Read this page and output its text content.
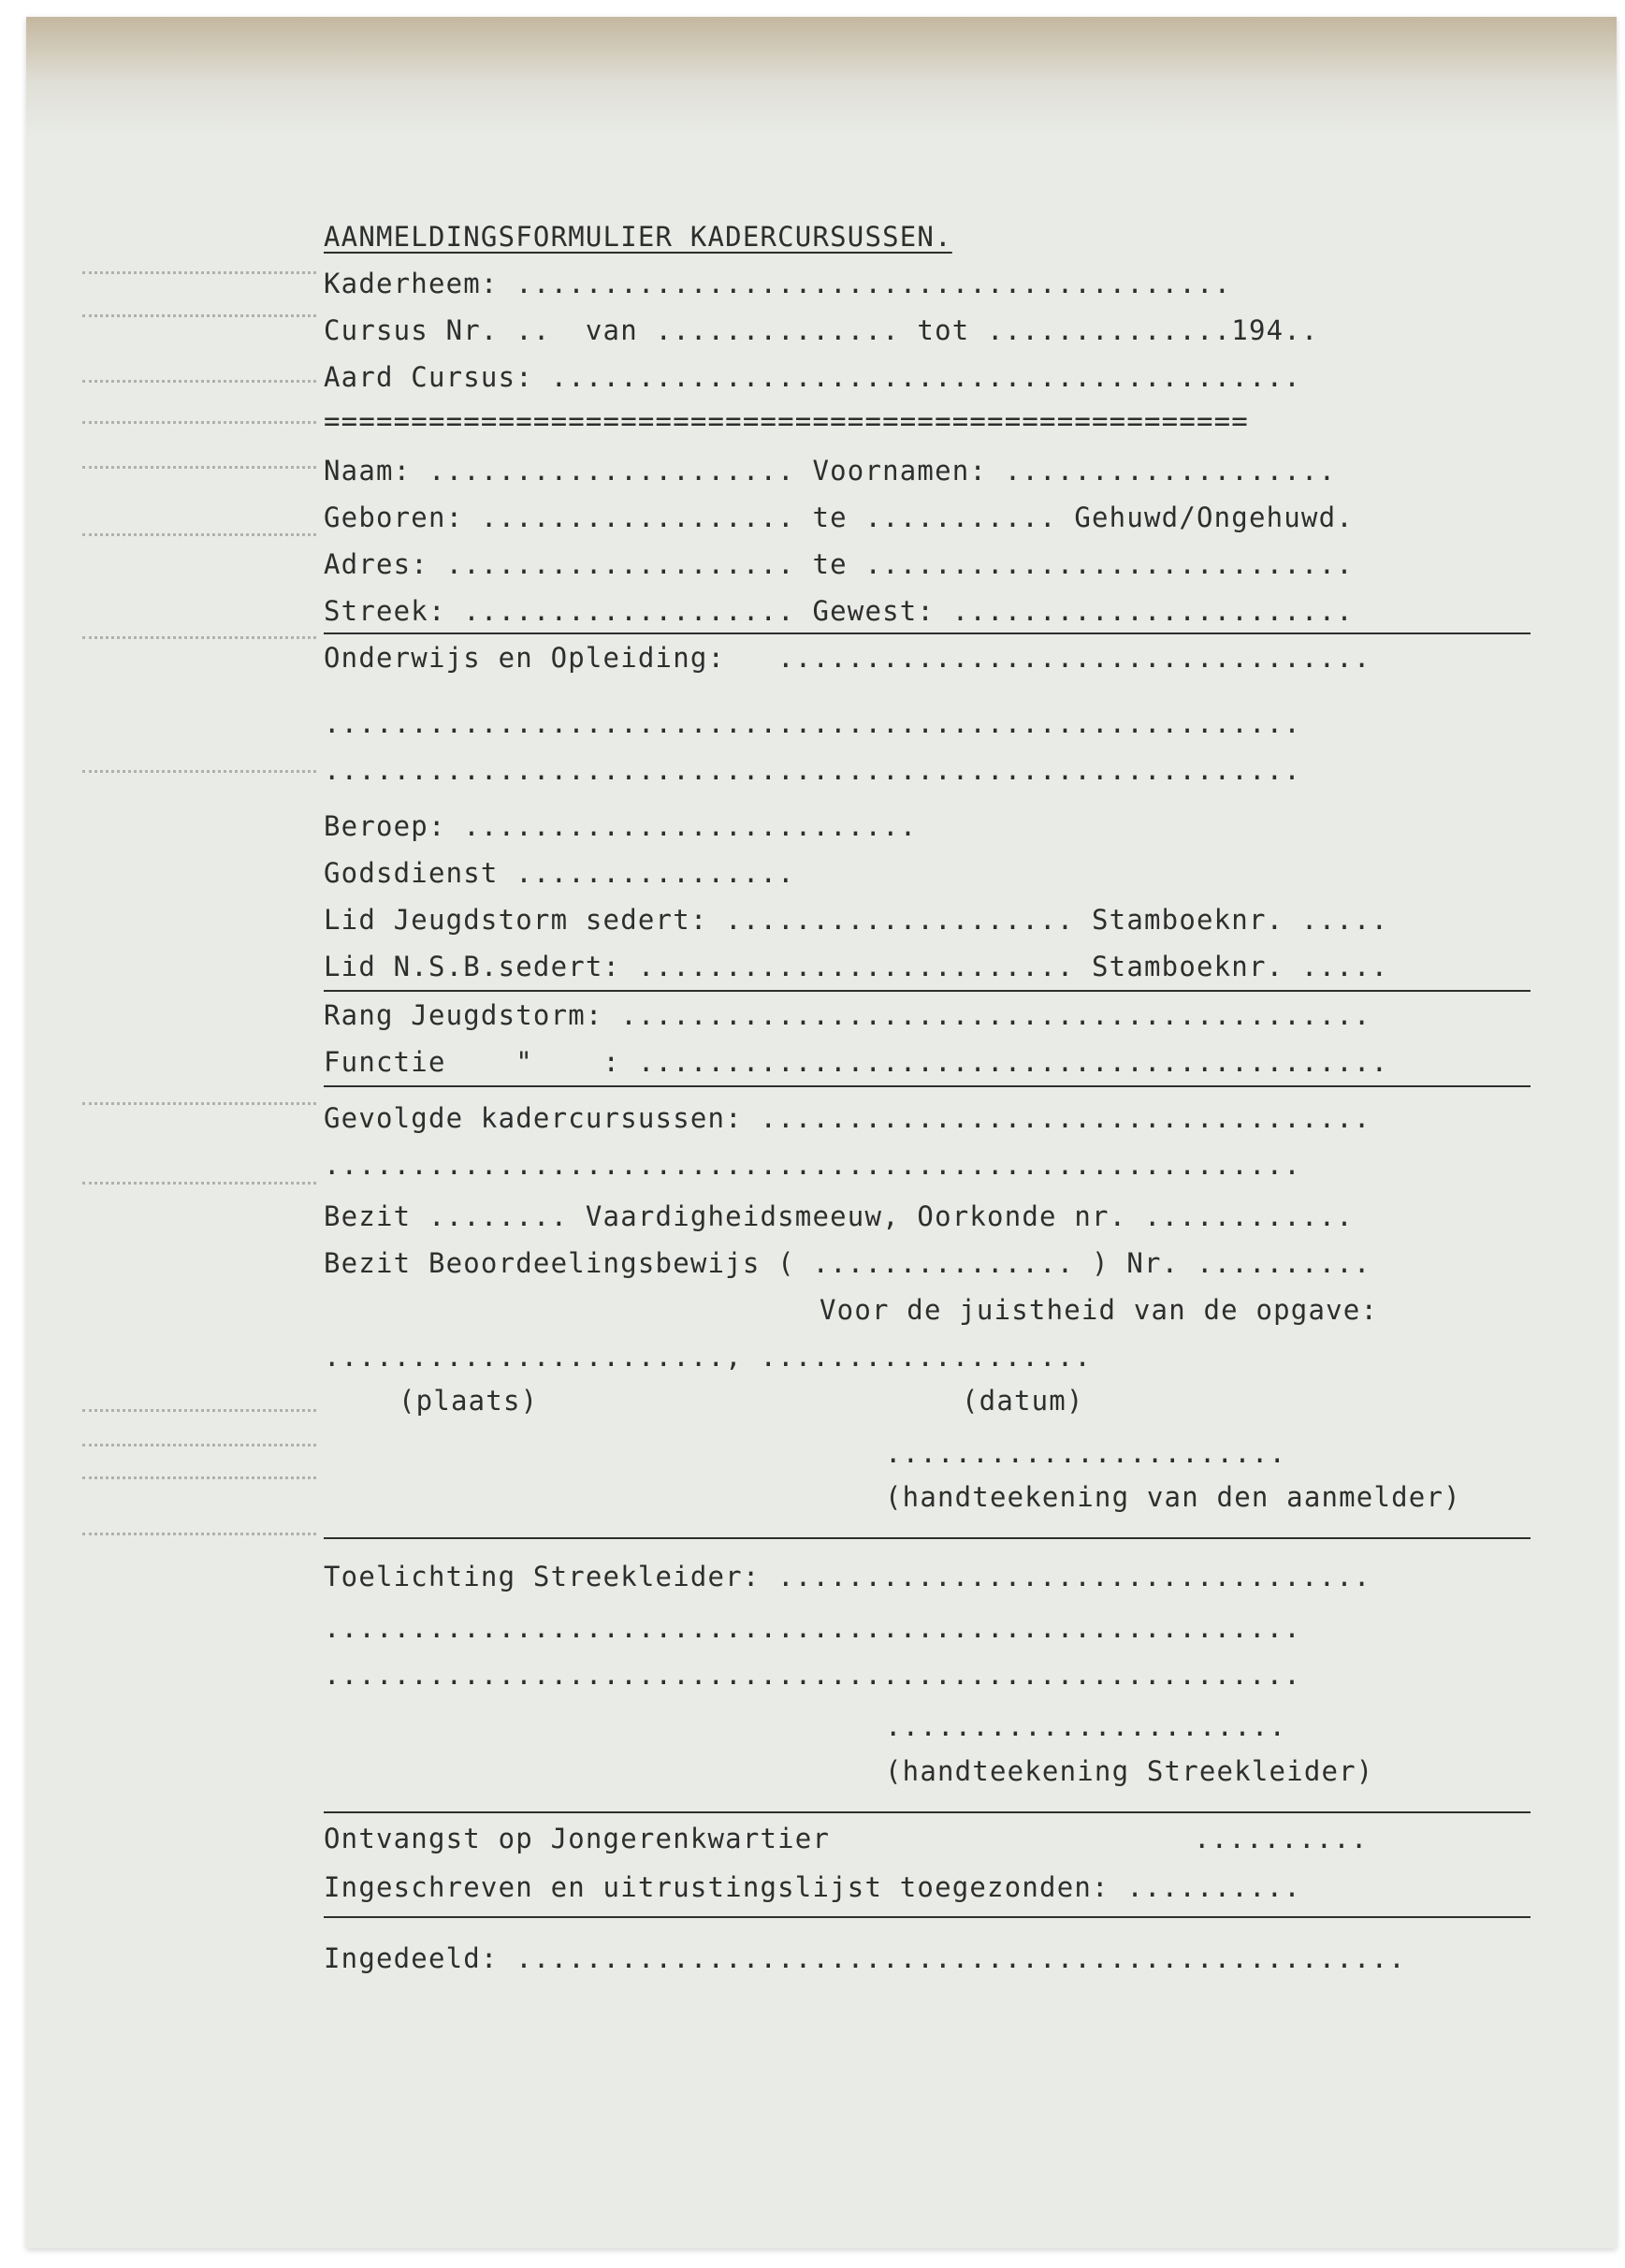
AANMELDINGSFORMULIER KADERCURSUSSEN.
Kaderheem: .........................................
Cursus Nr. ..  van .............. tot ..............194..
Aard Cursus: ...........................................
=====================================================
Naam: ..................... Voornamen: ...................
Geboren: .................. te ........... Gehuwd/Ongehuwd.
Adres: .................... te ............................
Streek: ................... Gewest: .......................
Onderwijs en Opleiding:   ..................................
........................................................
........................................................
Beroep: ..........................
Godsdienst ................
Lid Jeugdstorm sedert: .................... Stamboeknr. .....
Lid N.S.B.sedert: ......................... Stamboeknr. .....
Rang Jeugdstorm: ...........................................
Functie    "    : ...........................................
Gevolgde kadercursussen: ...................................
........................................................
Bezit ........ Vaardigheidsmeeuw, Oorkonde nr. ............
Bezit Beoordeelingsbewijs ( ............... ) Nr. ..........
Voor de juistheid van de opgave:
......................., ...................
(plaats)	(datum)
.......................
(handteekening van den aanmelder)
Toelichting Streekleider: ..................................
........................................................
........................................................
.......................
(handteekening Streekleider)
Ontvangst op Jongerenkwartier	..........
Ingeschreven en uitrustingslijst toegezonden: ..........
Ingedeeld: ...................................................
